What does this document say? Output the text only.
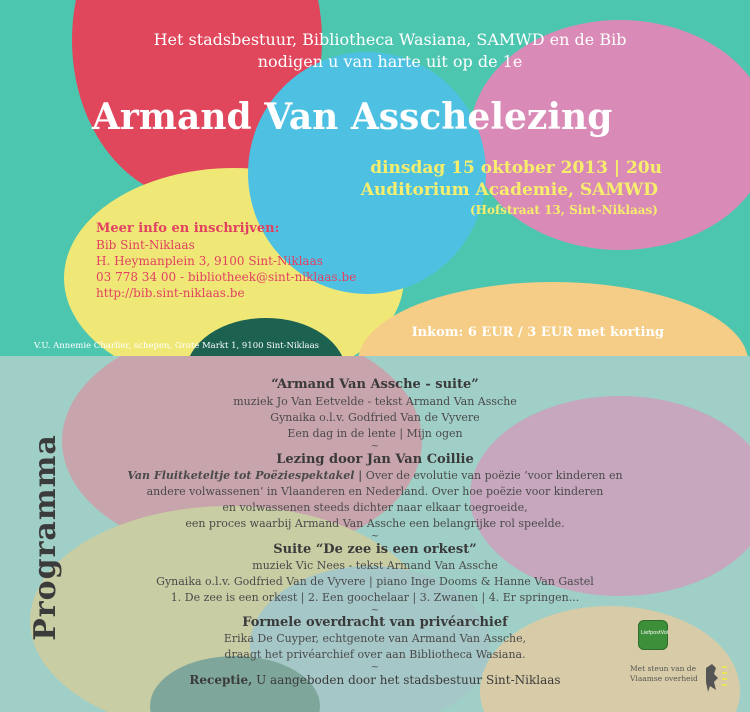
Het stadsbestuur, Bibliotheca Wasiana, SAMWD en de Bib
nodigen u van harte uit op de 1e
Armand Van Asschelezing
dinsdag 15 oktober 2013 | 20u
Auditorium Academie, SAMWD
(Hofstraat 13, Sint-Niklaas)
Meer info en inschrijven:
Bib Sint-Niklaas
H. Heymanplein 3, 9100 Sint-Niklaas
03 778 34 00 - bibliotheek@sint-niklaas.be
http://bib.sint-niklaas.be
V.U. Annemie Charlier, schepen, Grote Markt 1, 9100 Sint-Niklaas
Inkom: 6 EUR / 3 EUR met korting
Programma
“Armand Van Assche - suite”
muziek Jo Van Eetvelde - tekst Armand Van Assche
Gynaika o.l.v. Godfried Van de Vyvere
Een dag in de lente | Mijn ogen
~
Lezing door Jan Van Coillie
Van Fluitketeltje tot Poëziespektakel | Over de evolutie van poëzie ‘voor kinderen en
andere volwassenen’ in Vlaanderen en Nederland. Over hoe poëzie voor kinderen
en volwassenen steeds dichter naar elkaar toegroeide,
een proces waarbij Armand Van Assche een belangrijke rol speelde.
~
Suite “De zee is een orkest”
muziek Vic Nees - tekst Armand Van Assche
Gynaika o.l.v. Godfried Van de Vyvere | piano Inge Dooms & Hanne Van Gastel
1. De zee is een orkest | 2. Een goochelaar | 3. Zwanen | 4. Er springen...
~
Formele overdracht van privéarchief
Erika De Cuyper, echtgenote van Armand Van Assche,
draagt het privéarchief over aan Bibliotheca Wasiana.
~
Receptie, U aangeboden door het stadsbestuur Sint-Niklaas
LiefpostVol
Met steun van de
Vlaamse overheid
